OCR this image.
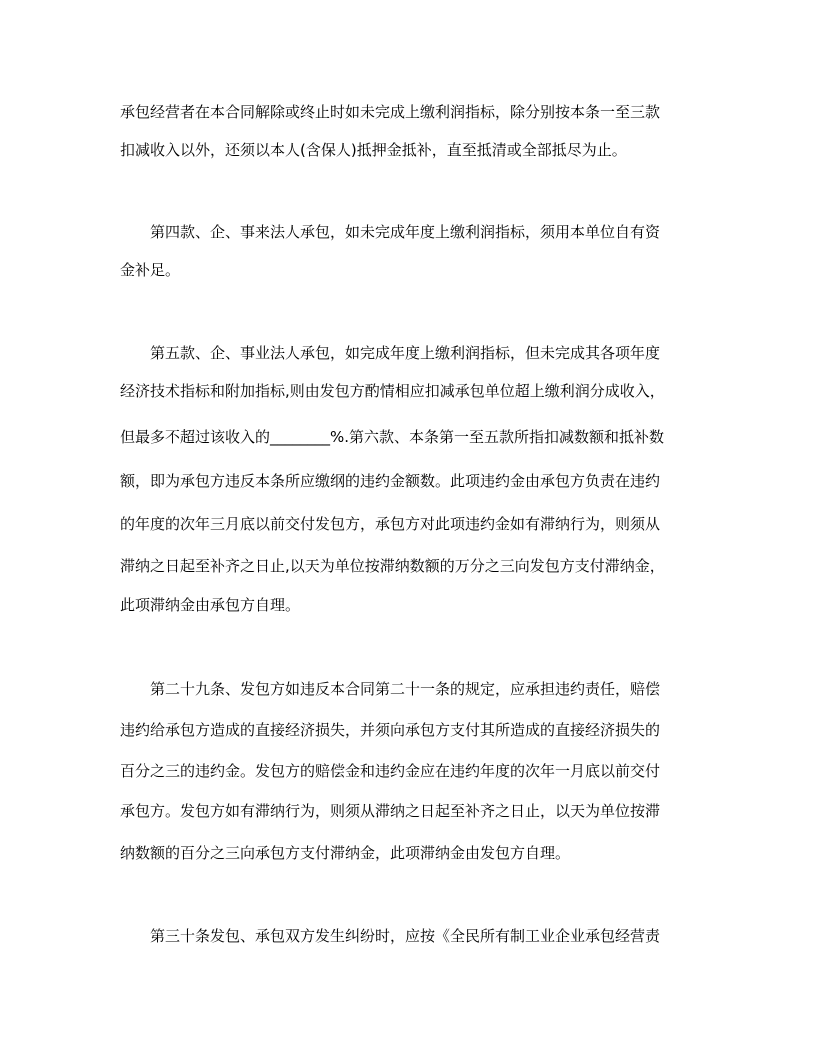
承包经营者在本合同解除或终止时如未完成上缴利润指标，除分别按本条一至三款
扣减收入以外，还须以本人(含保人)抵押金抵补，直至抵清或全部抵尽为止。
第四款、企、事来法人承包，如未完成年度上缴利润指标，须用本单位自有资
金补足。
第五款、企、事业法人承包，如完成年度上缴利润指标，但未完成其各项年度
经济技术指标和附加指标,则由发包方酌情相应扣减承包单位超上缴利润分成收入，
但最多不超过该收入的________%.第六款、本条第一至五款所指扣减数额和抵补数
额，即为承包方违反本条所应缴纲的违约金额数。此项违约金由承包方负责在违约
的年度的次年三月底以前交付发包方，承包方对此项违约金如有滞纳行为，则须从
滞纳之日起至补齐之日止,以天为单位按滞纳数额的万分之三向发包方支付滞纳金，
此项滞纳金由承包方自理。
第二十九条、发包方如违反本合同第二十一条的规定，应承担违约责任，赔偿
违约给承包方造成的直接经济损失，并须向承包方支付其所造成的直接经济损失的
百分之三的违约金。发包方的赔偿金和违约金应在违约年度的次年一月底以前交付
承包方。发包方如有滞纳行为，则须从滞纳之日起至补齐之日止，以天为单位按滞
纳数额的百分之三向承包方支付滞纳金，此项滞纳金由发包方自理。
第三十条发包、承包双方发生纠纷时，应按《全民所有制工业企业承包经营责
